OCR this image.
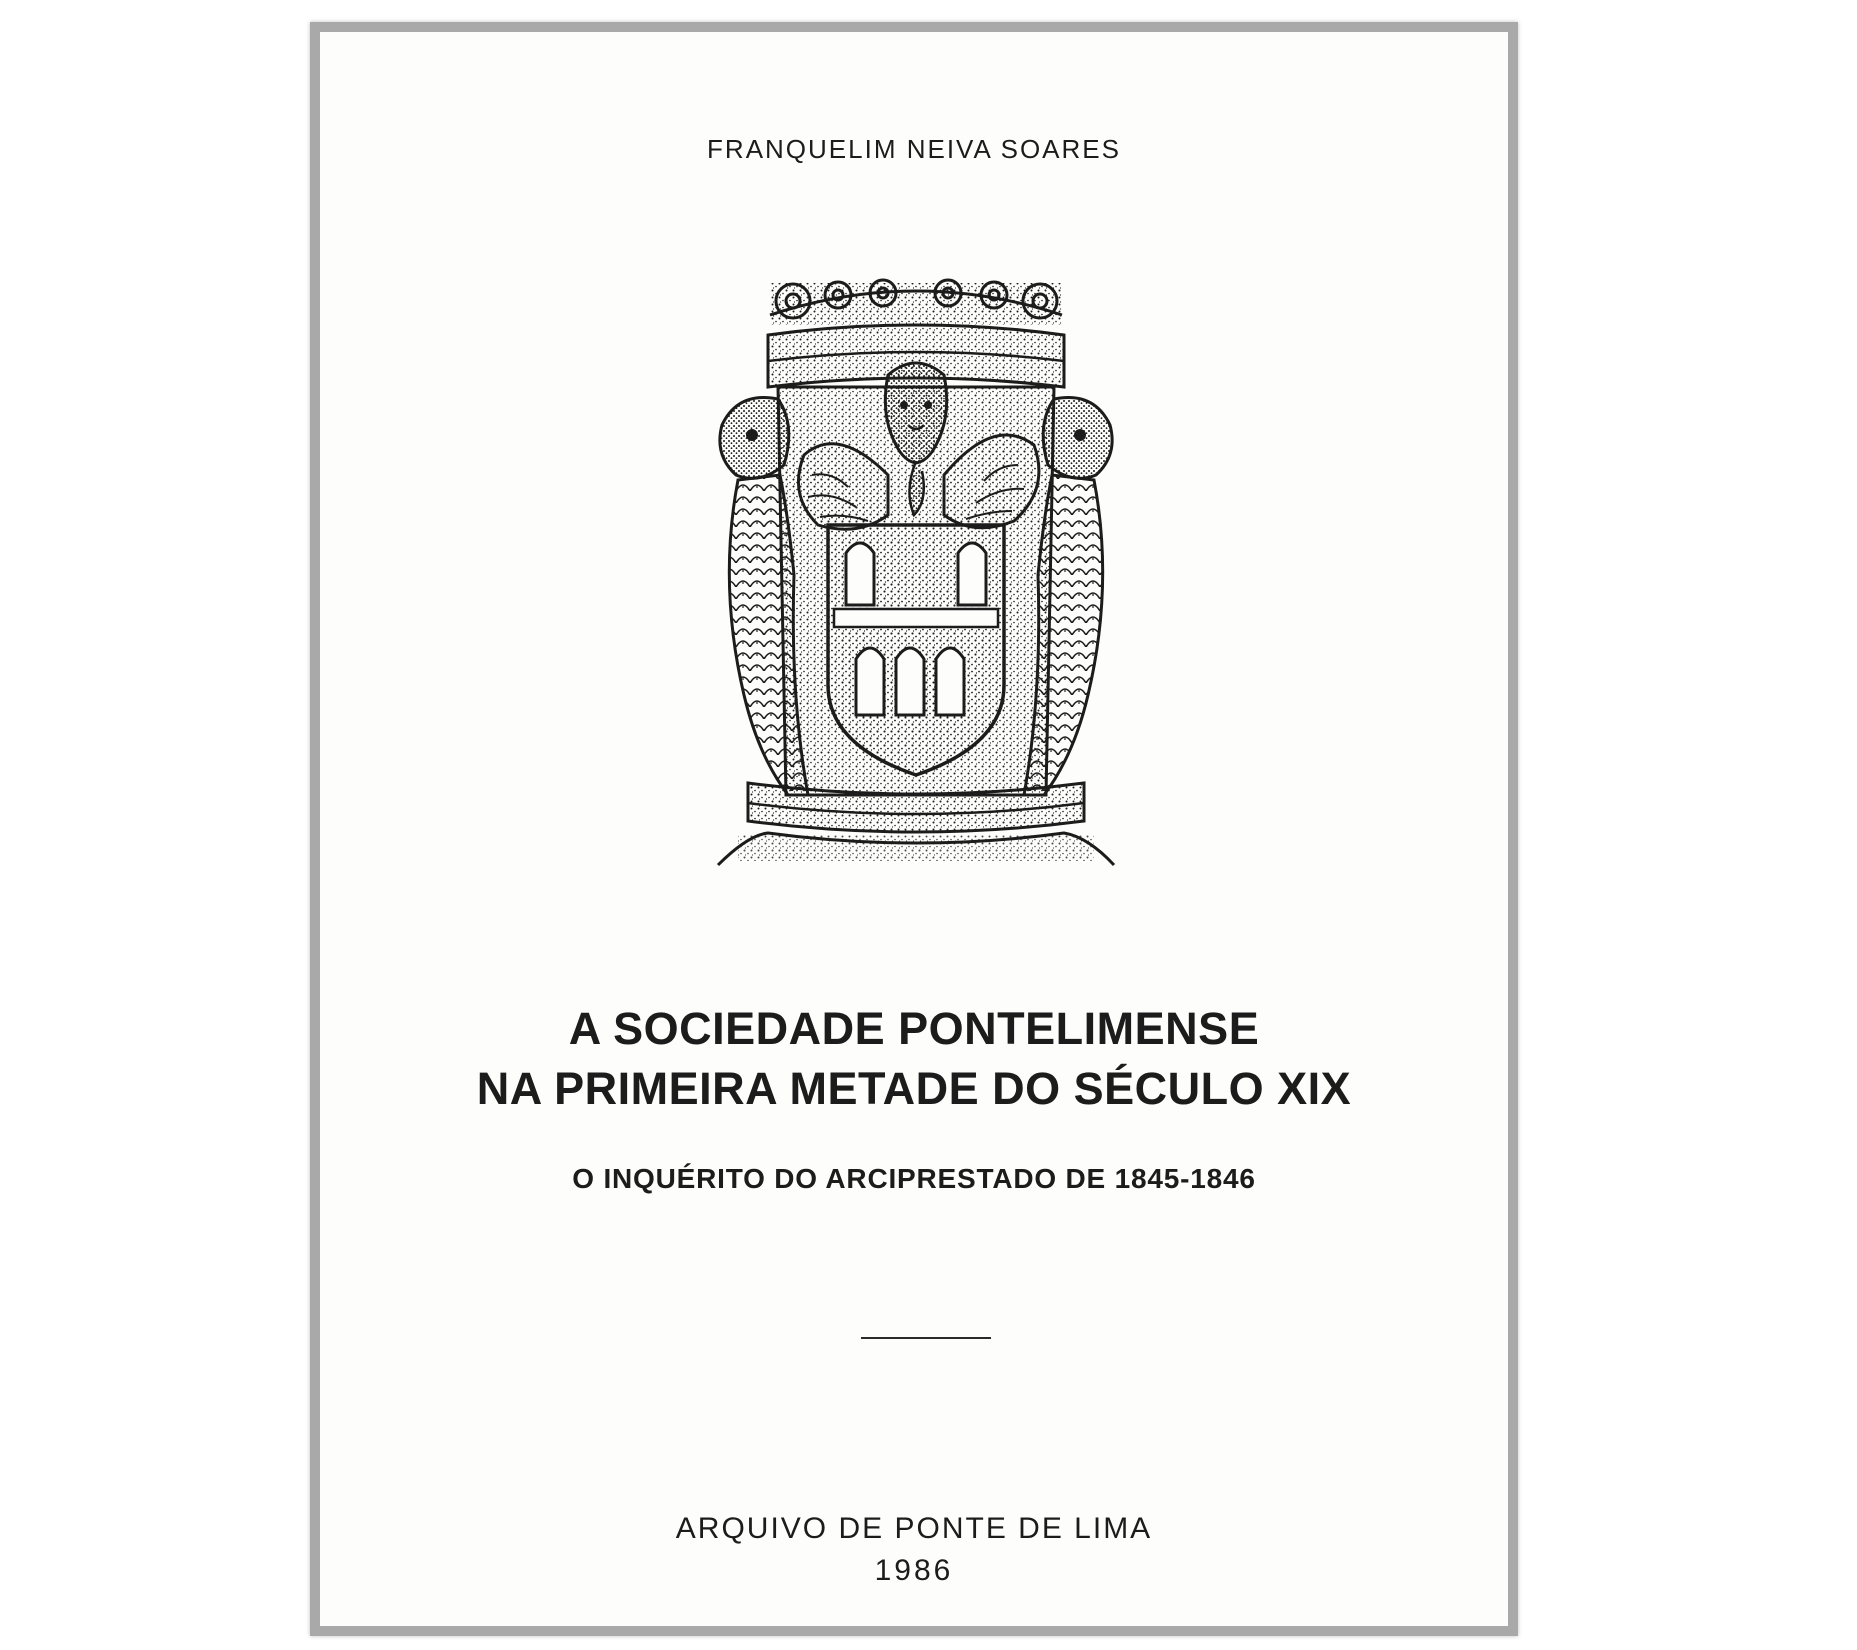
FRANQUELIM NEIVA SOARES
A SOCIEDADE PONTELIMENSE
NA PRIMEIRA METADE DO SÉCULO XIX
O INQUÉRITO DO ARCIPRESTADO DE 1845-1846
ARQUIVO DE PONTE DE LIMA
1986
